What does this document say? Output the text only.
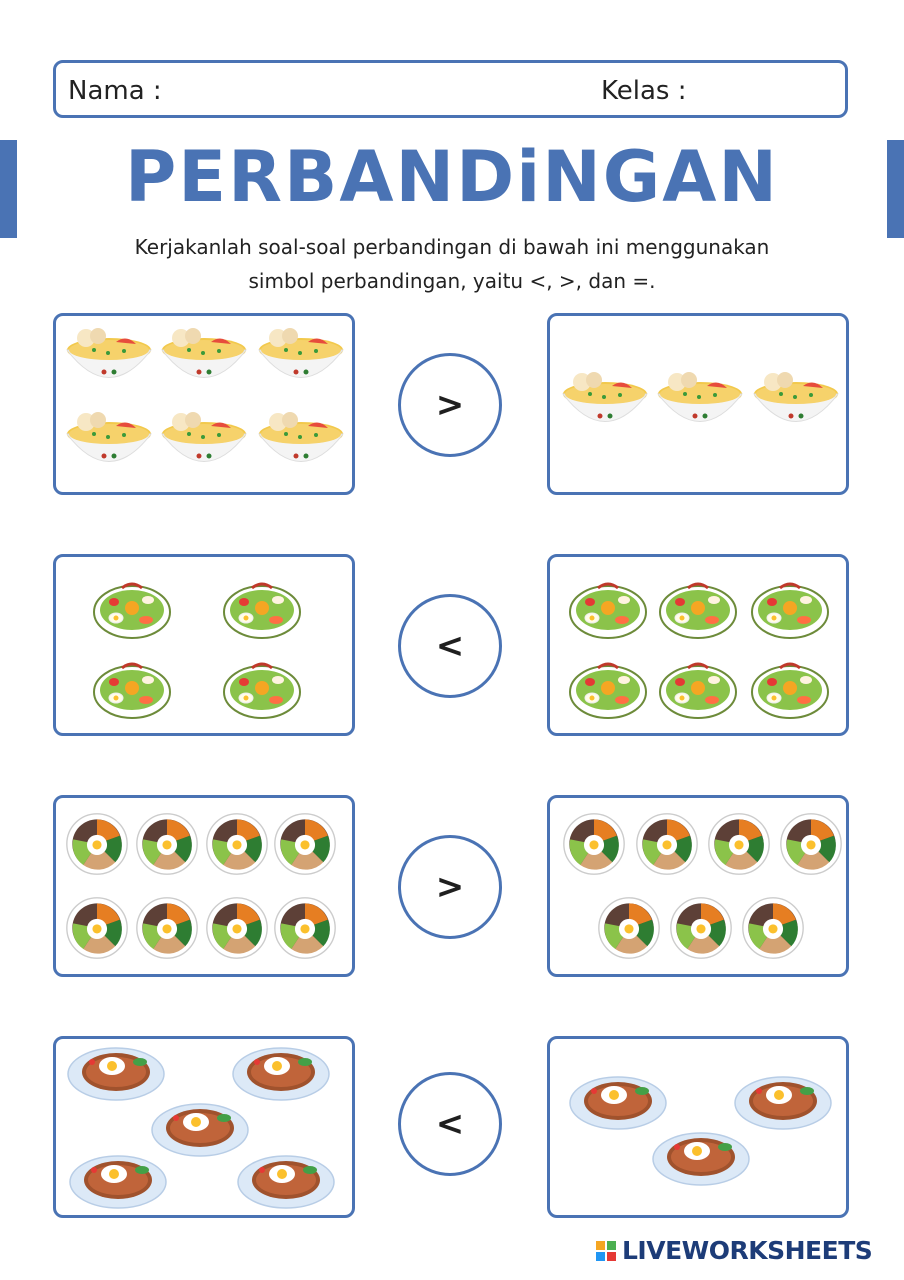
Nama :	Kelas :
PERBANDiNGAN
Kerjakanlah soal-soal perbandingan di bawah ini menggunakan
simbol perbandingan, yaitu <, >, dan =.
>
<
>
<
LIVEWORKSHEETS
